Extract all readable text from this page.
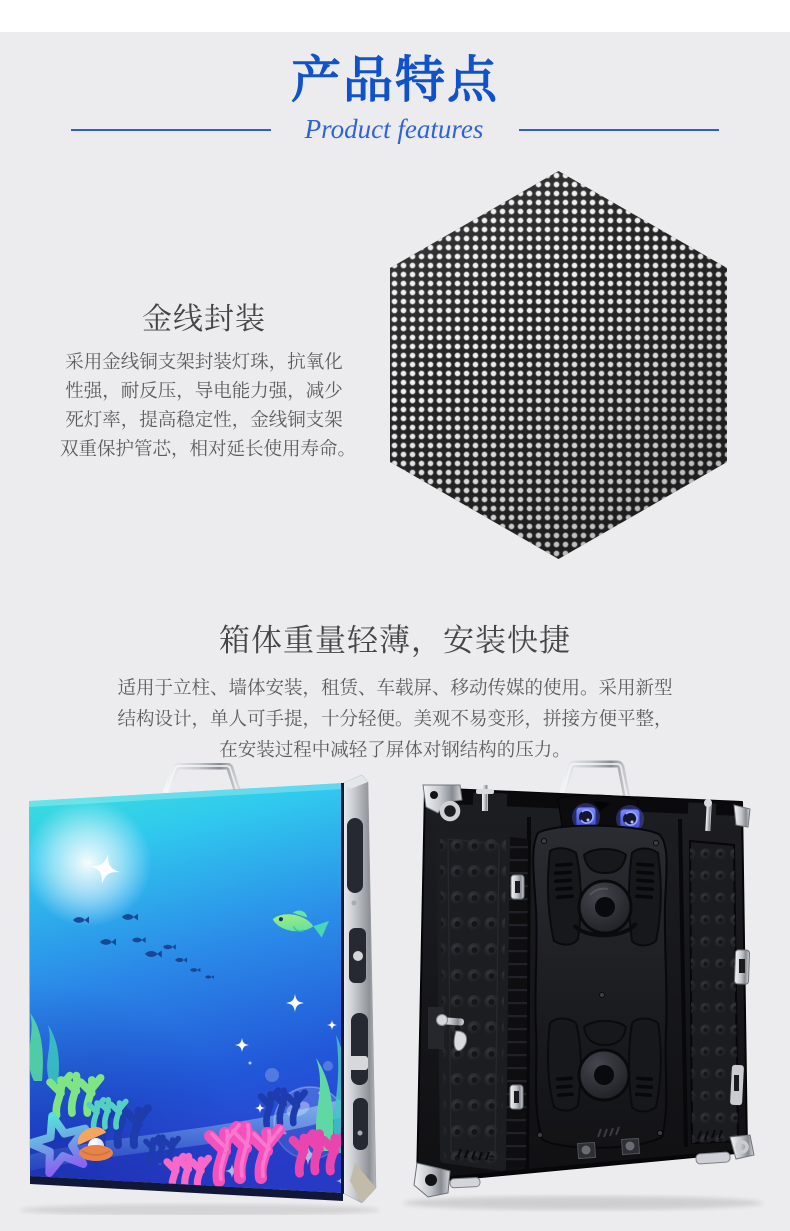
产品特点
Product features
金线封装
采用金线铜支架封装灯珠，抗氧化
性强，耐反压，导电能力强，减少
死灯率，提高稳定性，金线铜支架
双重保护管芯，相对延长使用寿命。
箱体重量轻薄，安装快捷
适用于立柱、墙体安装，租赁、车载屏、移动传媒的使用。采用新型
结构设计，单人可手提，十分轻便。美观不易变形，拼接方便平整，
在安装过程中减轻了屏体对钢结构的压力。
